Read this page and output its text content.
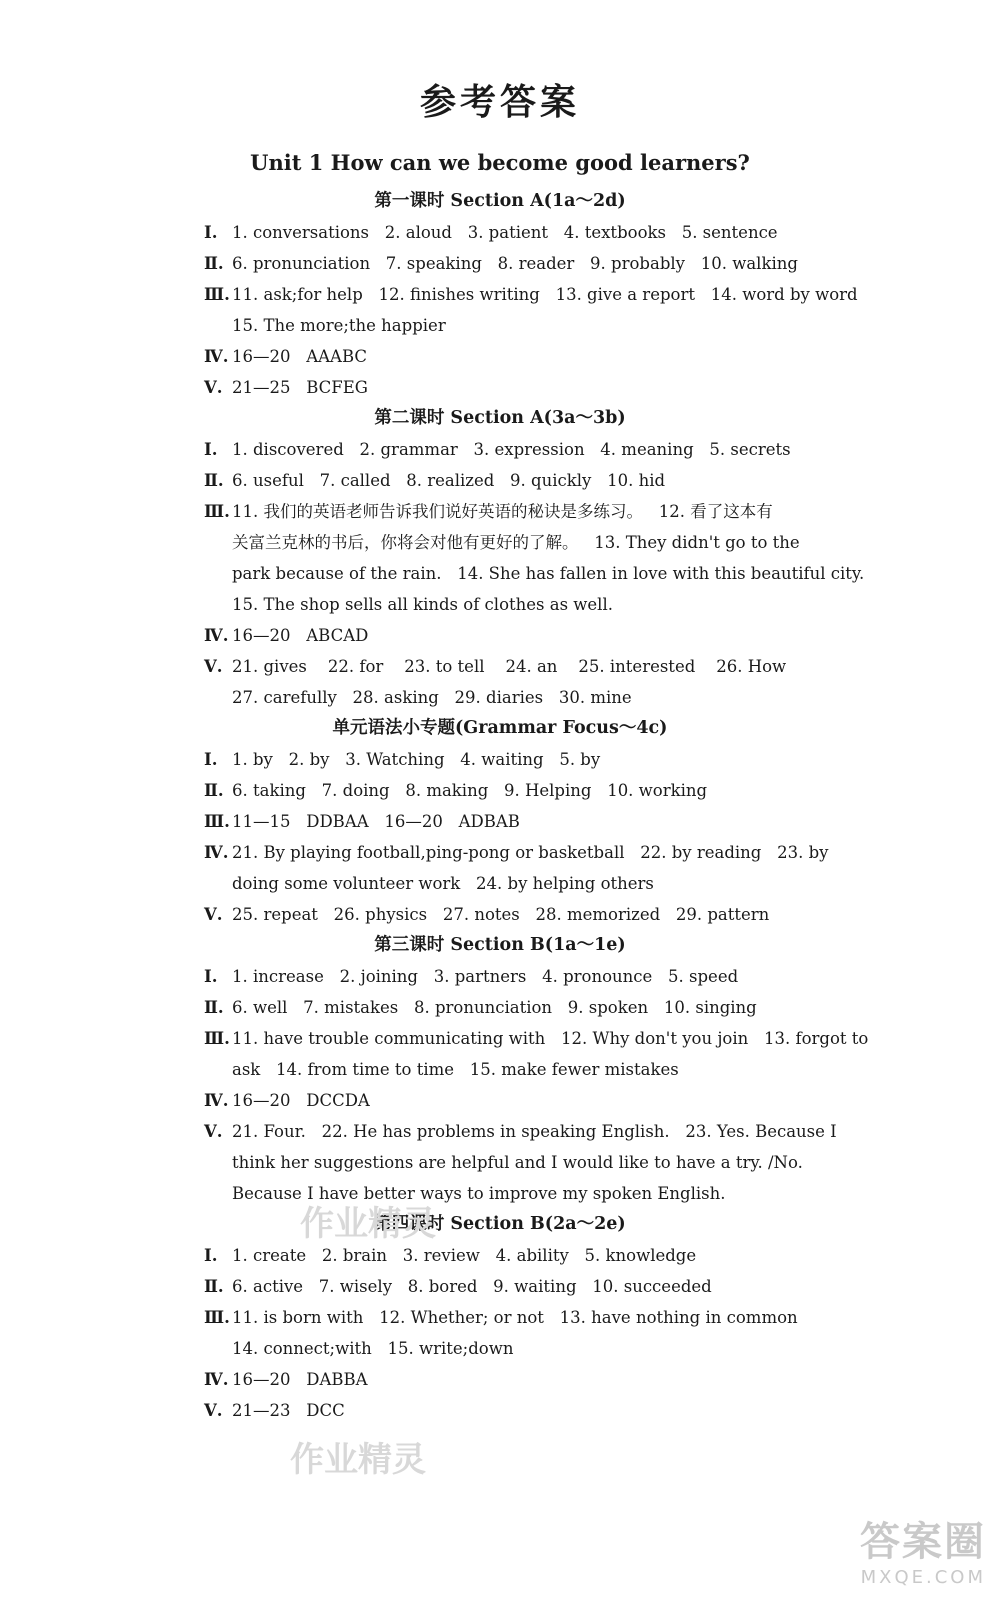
参考答案
Unit 1 How can we become good learners?
第一课时 Section A(1a～2d)
Ⅰ. 1. conversations   2. aloud   3. patient   4. textbooks   5. sentence
Ⅱ. 6. pronunciation   7. speaking   8. reader   9. probably   10. walking
Ⅲ. 11. ask;for help   12. finishes writing   13. give a report   14. word by word
15. The more;the happier
Ⅳ. 16—20   AAABC
Ⅴ. 21—25   BCFEG
第二课时 Section A(3a～3b)
Ⅰ. 1. discovered   2. grammar   3. expression   4. meaning   5. secrets
Ⅱ. 6. useful   7. called   8. realized   9. quickly   10. hid
Ⅲ. 11. 我们的英语老师告诉我们说好英语的秘诀是多练习。   12. 看了这本有
关富兰克林的书后，你将会对他有更好的了解。   13. They didn't go to the
park because of the rain.   14. She has fallen in love with this beautiful city.
15. The shop sells all kinds of clothes as well.
Ⅳ. 16—20   ABCAD
Ⅴ. 21. gives    22. for    23. to tell    24. an    25. interested    26. How
27. carefully   28. asking   29. diaries   30. mine
单元语法小专题(Grammar Focus～4c)
Ⅰ. 1. by   2. by   3. Watching   4. waiting   5. by
Ⅱ. 6. taking   7. doing   8. making   9. Helping   10. working
Ⅲ. 11—15   DDBAA   16—20   ADBAB
Ⅳ. 21. By playing football,ping-pong or basketball   22. by reading   23. by
doing some volunteer work   24. by helping others
Ⅴ. 25. repeat   26. physics   27. notes   28. memorized   29. pattern
第三课时 Section B(1a～1e)
Ⅰ. 1. increase   2. joining   3. partners   4. pronounce   5. speed
Ⅱ. 6. well   7. mistakes   8. pronunciation   9. spoken   10. singing
Ⅲ. 11. have trouble communicating with   12. Why don't you join   13. forgot to
ask   14. from time to time   15. make fewer mistakes
Ⅳ. 16—20   DCCDA
Ⅴ. 21. Four.   22. He has problems in speaking English.   23. Yes. Because I
think her suggestions are helpful and I would like to have a try. /No.
Because I have better ways to improve my spoken English.
第四课时 Section B(2a～2e)
Ⅰ. 1. create   2. brain   3. review   4. ability   5. knowledge
Ⅱ. 6. active   7. wisely   8. bored   9. waiting   10. succeeded
Ⅲ. 11. is born with   12. Whether; or not   13. have nothing in common
14. connect;with   15. write;down
Ⅳ. 16—20   DABBA
Ⅴ. 21—23   DCC
作业精灵
作业精灵
答案圈
MXQE.COM
